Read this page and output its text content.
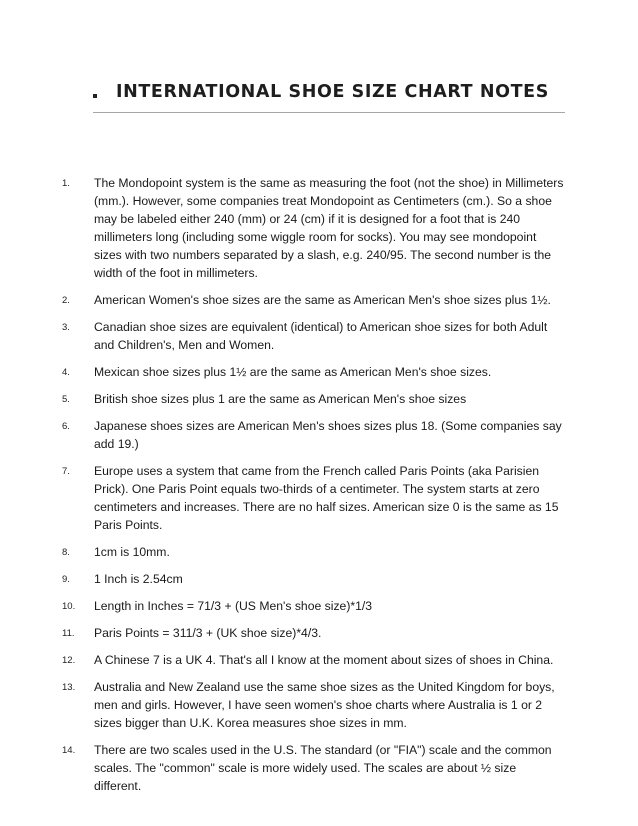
INTERNATIONAL SHOE SIZE CHART NOTES
1. The Mondopoint system is the same as measuring the foot (not the shoe) in Millimeters (mm.). However, some companies treat Mondopoint as Centimeters (cm.). So a shoe may be labeled either 240 (mm) or 24 (cm) if it is designed for a foot that is 240 millimeters long (including some wiggle room for socks). You may see mondopoint sizes with two numbers separated by a slash, e.g. 240/95. The second number is the width of the foot in millimeters.
2. American Women's shoe sizes are the same as American Men's shoe sizes plus 1½.
3. Canadian shoe sizes are equivalent (identical) to American shoe sizes for both Adult and Children's, Men and Women.
4. Mexican shoe sizes plus 1½ are the same as American Men's shoe sizes.
5. British shoe sizes plus 1 are the same as American Men's shoe sizes
6. Japanese shoes sizes are American Men's shoes sizes plus 18. (Some companies say add 19.)
7. Europe uses a system that came from the French called Paris Points (aka Parisien Prick). One Paris Point equals two-thirds of a centimeter. The system starts at zero centimeters and increases. There are no half sizes. American size 0 is the same as 15 Paris Points.
8. 1cm is 10mm.
9. 1 Inch is 2.54cm
10. Length in Inches = 71/3 + (US Men's shoe size)*1/3
11. Paris Points = 311/3 + (UK shoe size)*4/3.
12. A Chinese 7 is a UK 4. That's all I know at the moment about sizes of shoes in China.
13. Australia and New Zealand use the same shoe sizes as the United Kingdom for boys, men and girls. However, I have seen women's shoe charts where Australia is 1 or 2 sizes bigger than U.K. Korea measures shoe sizes in mm.
14. There are two scales used in the U.S. The standard (or "FIA") scale and the common scales. The "common" scale is more widely used. The scales are about ½ size different.
